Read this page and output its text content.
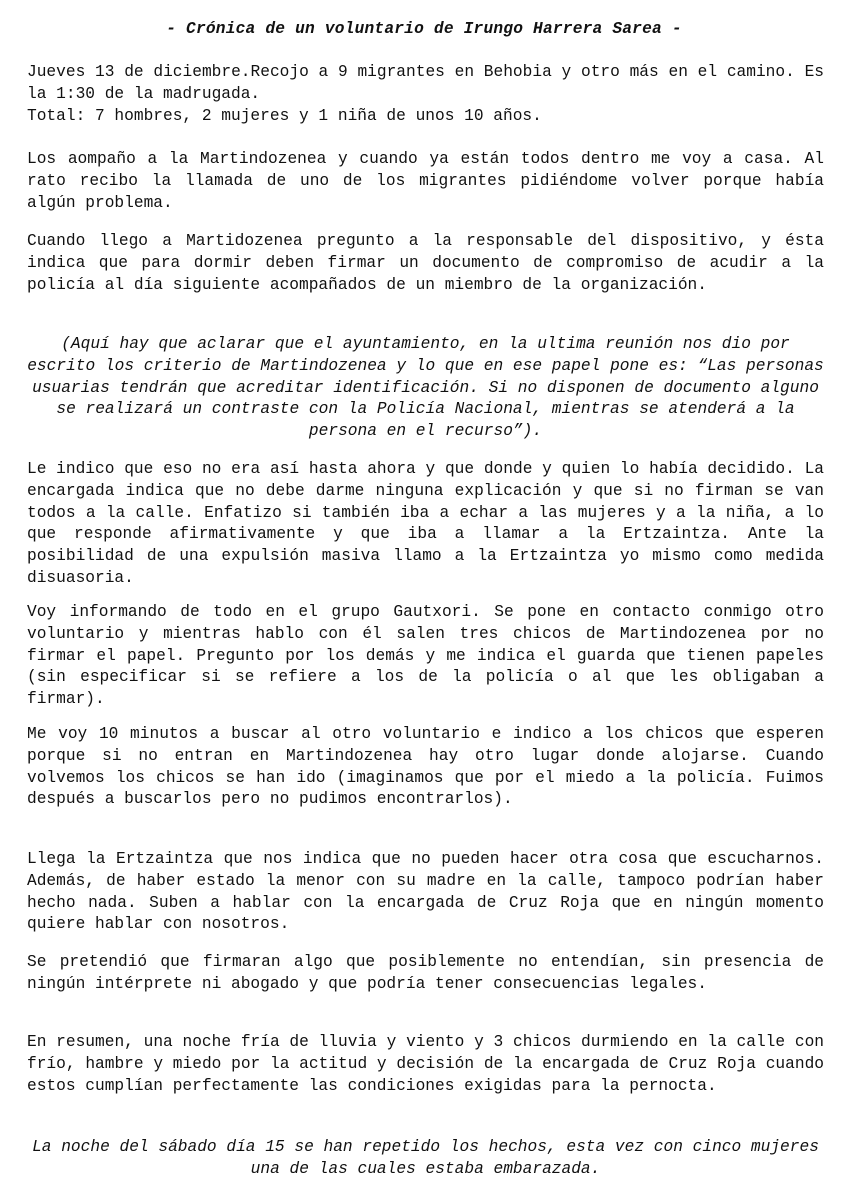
- Crónica de un voluntario de Irungo Harrera Sarea -

Jueves 13 de diciembre.Recojo a 9 migrantes en Behobia y otro más en el camino. Es la 1:30 de la madrugada.

Total: 7 hombres, 2 mujeres y 1 niña de unos 10 años.

Los aompaño a la Martindozenea y cuando ya están todos dentro me voy a casa. Al rato recibo la llamada de uno de los migrantes pidiéndome volver porque había algún problema.

Cuando llego a Martidozenea pregunto a la responsable del dispositivo, y ésta indica que para dormir deben firmar un documento de compromiso de acudir a la policía al día siguiente acompañados de un miembro de la organización.

(Aquí hay que aclarar que el ayuntamiento, en la ultima reunión nos dio por escrito los criterio de Martindozenea y lo que en ese papel pone es: “Las personas usuarias tendrán que acreditar identificación. Si no disponen de documento alguno se realizará un contraste con la Policía Nacional, mientras se atenderá a la persona en el recurso”).

Le indico que eso no era así hasta ahora y que donde y quien lo había decidido. La encargada indica que no debe darme ninguna explicación y que si no firman se van todos a la calle. Enfatizo si también iba a echar a las mujeres y a la niña, a lo que responde afirmativamente y que iba a llamar a la Ertzaintza. Ante la posibilidad de una expulsión masiva llamo a la Ertzaintza yo mismo como medida disuasoria.

Voy informando de todo en el grupo Gautxori. Se pone en contacto conmigo otro voluntario y mientras hablo con él salen tres chicos de Martindozenea por no firmar el papel. Pregunto por los demás y me indica el guarda que tienen papeles (sin especificar si se refiere a los de la policía o al que les obligaban a firmar).

Me voy 10 minutos a buscar al otro voluntario e indico a los chicos que esperen porque si no entran en Martindozenea hay otro lugar donde alojarse. Cuando volvemos los chicos se han ido (imaginamos que por el miedo a la policía. Fuimos después a buscarlos pero no pudimos encontrarlos).

Llega la Ertzaintza que nos indica que no pueden hacer otra cosa que escucharnos. Además, de haber estado la menor con su madre en la calle, tampoco podrían haber hecho nada. Suben a hablar con la encargada de Cruz Roja que en ningún momento quiere hablar con nosotros.

Se pretendió que firmaran algo que posiblemente no entendían, sin presencia de ningún intérprete ni abogado y que podría tener consecuencias legales.

En resumen, una noche fría de lluvia y viento y 3 chicos durmiendo en la calle con frío, hambre y miedo por la actitud y decisión de la encargada de Cruz Roja cuando estos cumplían perfectamente las condiciones exigidas para la pernocta.

La noche del sábado día 15 se han repetido los hechos, esta vez con cinco mujeres una de las cuales estaba embarazada.
